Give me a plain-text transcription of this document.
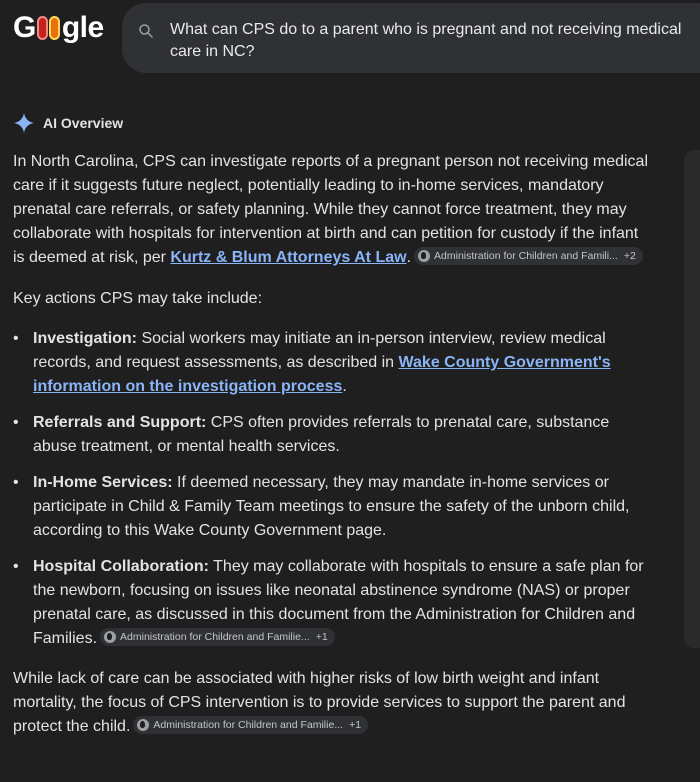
G gle	What can CPS do to a parent who is pregnant and not receiving medical care in NC?
AI Overview

In North Carolina, CPS can investigate reports of a pregnant person not receiving medical care if it suggests future neglect, potentially leading to in-home services, mandatory prenatal care referrals, or safety planning. While they cannot force treatment, they may collaborate with hospitals for intervention at birth and can petition for custody if the infant is deemed at risk, per Kurtz & Blum Attorneys At Law. Administration for Children and Famili... +2

Key actions CPS may take include:

• Investigation: Social workers may initiate an in-person interview, review medical records, and request assessments, as described in Wake County Government's information on the investigation process.
• Referrals and Support: CPS often provides referrals to prenatal care, substance abuse treatment, or mental health services.
• In-Home Services: If deemed necessary, they may mandate in-home services or participate in Child & Family Team meetings to ensure the safety of the unborn child, according to this Wake County Government page.
• Hospital Collaboration: They may collaborate with hospitals to ensure a safe plan for the newborn, focusing on issues like neonatal abstinence syndrome (NAS) or proper prenatal care, as discussed in this document from the Administration for Children and Families. Administration for Children and Familie... +1

While lack of care can be associated with higher risks of low birth weight and infant mortality, the focus of CPS intervention is to provide services to support the parent and protect the child. Administration for Children and Familie... +1
